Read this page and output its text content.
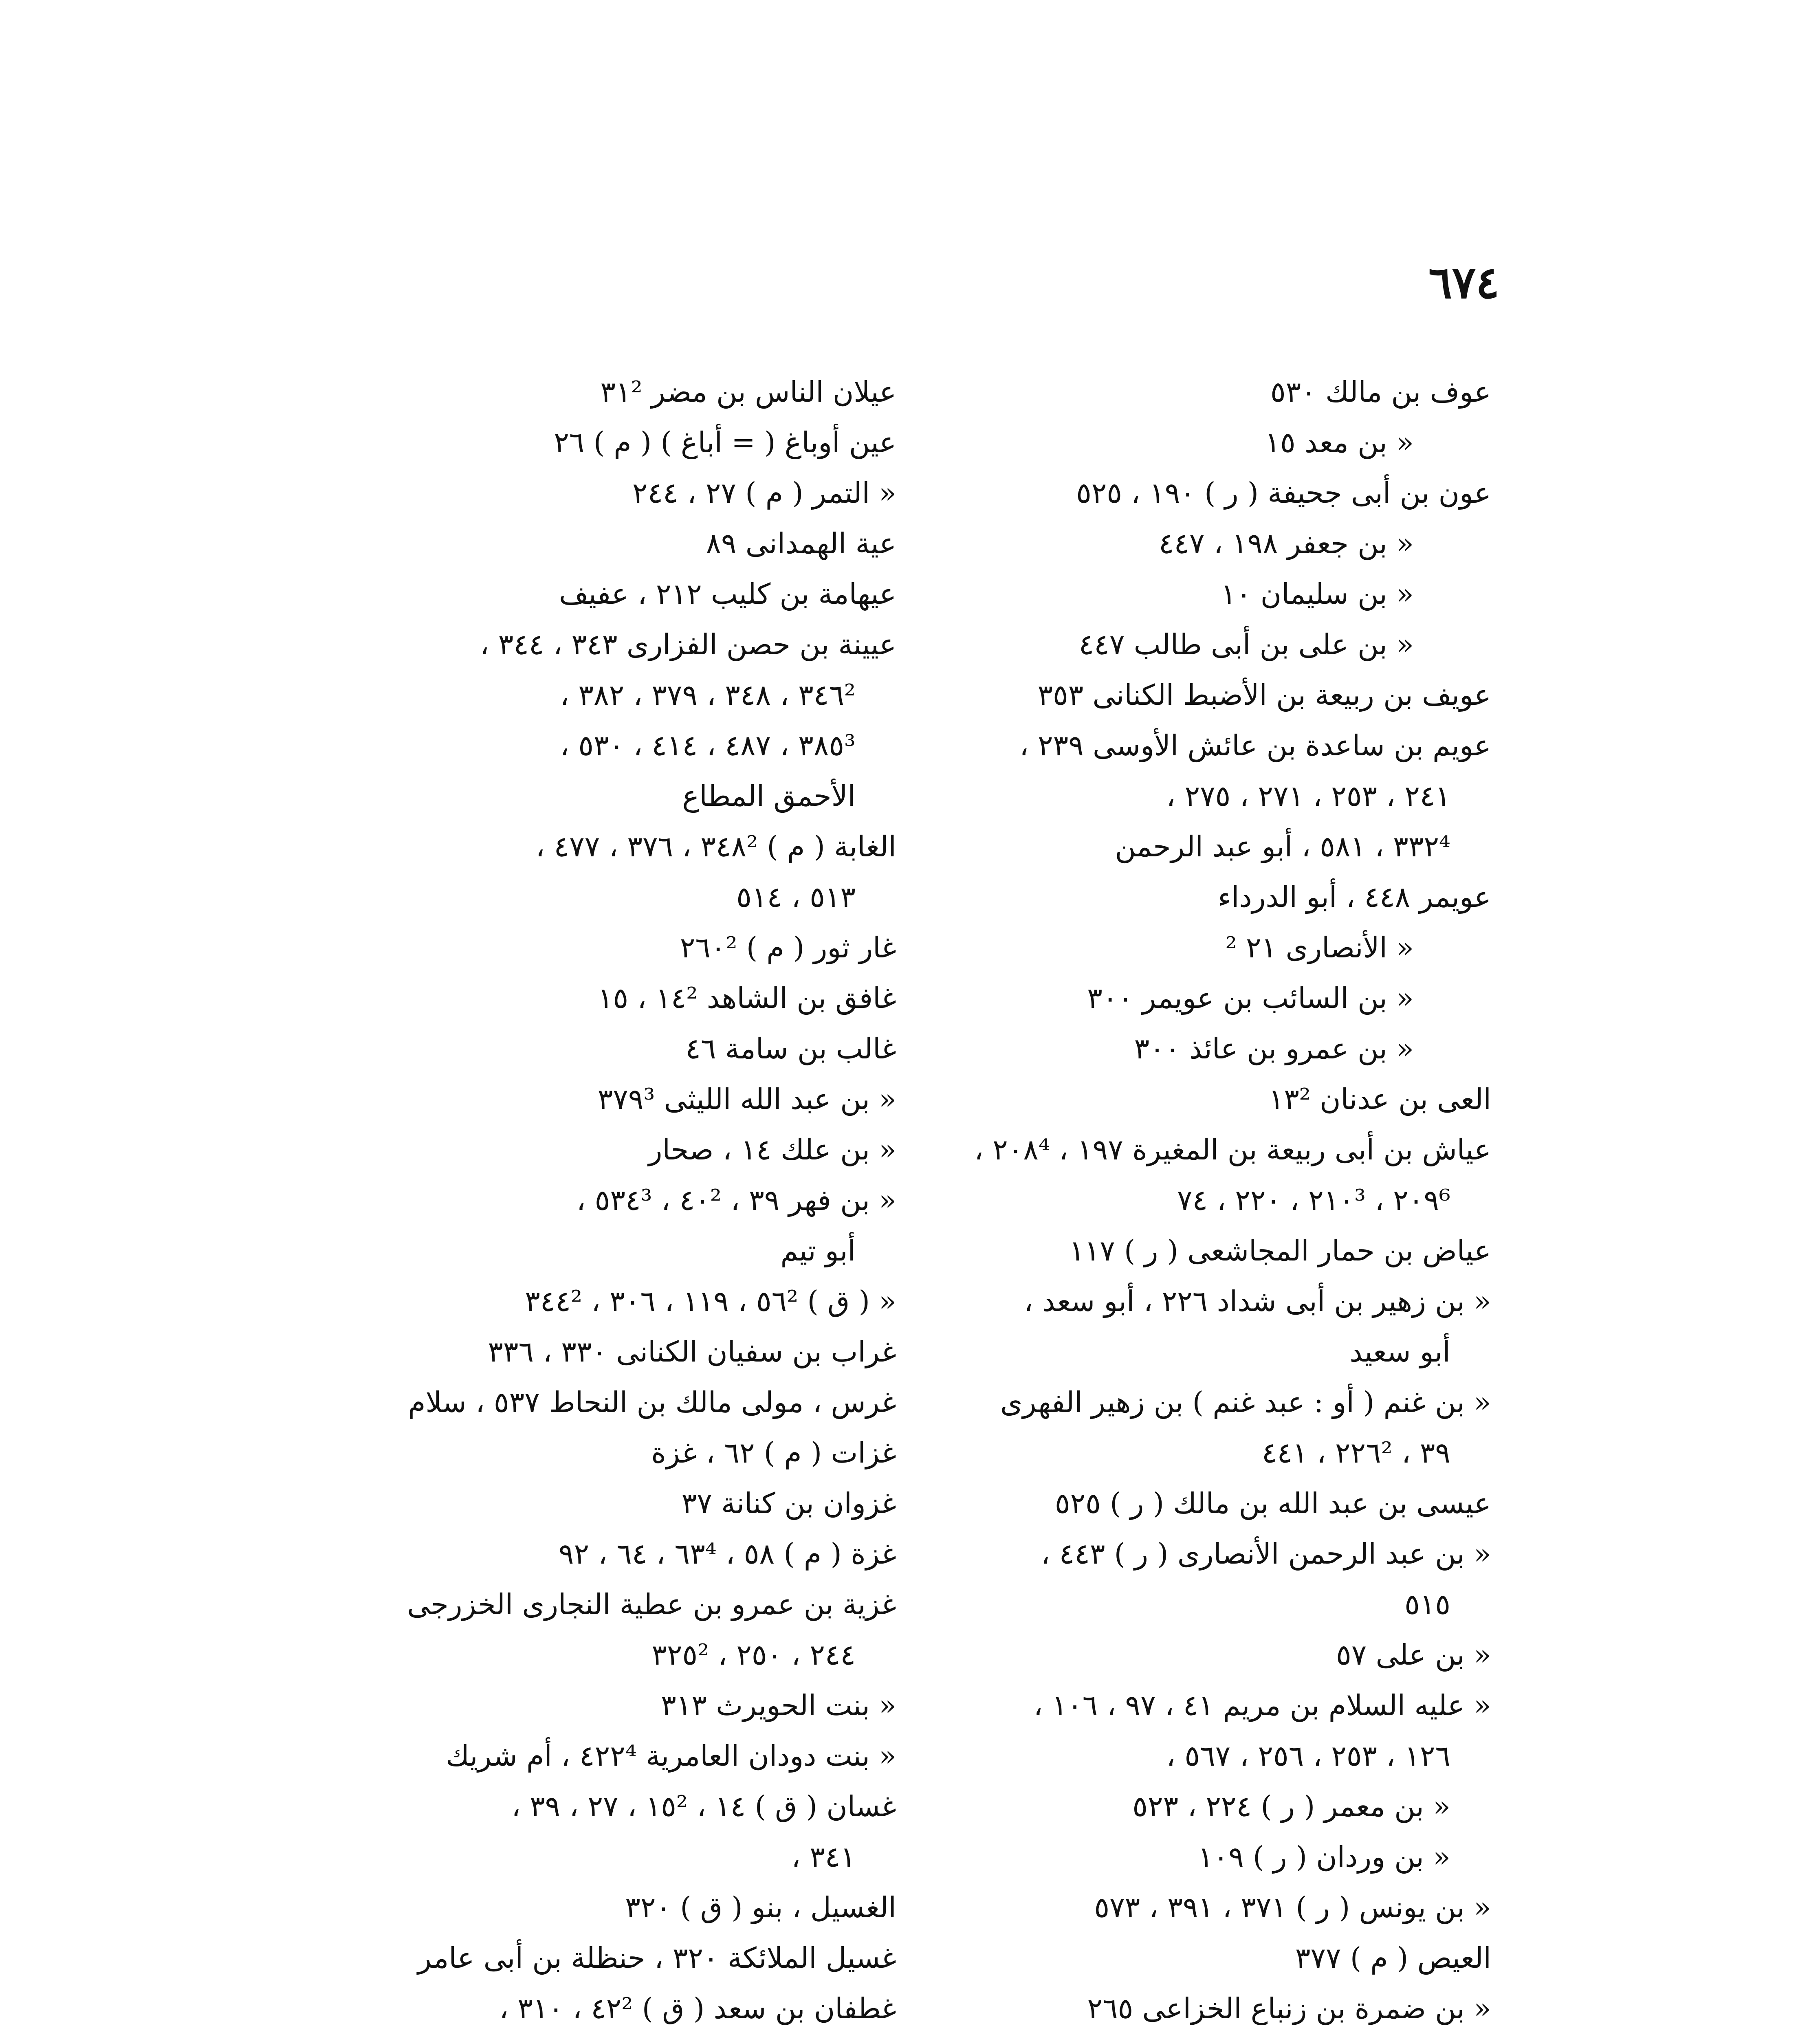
٦٧٤
عوف بن مالك ٥٣٠
« بن معد ١٥
عون بن أبى جحيفة ( ر ) ١٩٠ ، ٥٢٥
« بن جعفر ١٩٨ ، ٤٤٧
« بن سليمان ١٠
« بن على بن أبى طالب ٤٤٧
عويف بن ربيعة بن الأضبط الكنانى ٣٥٣
عويم بن ساعدة بن عائش الأوسى ٢٣٩ ،
٢٤١ ، ٢٥٣ ، ٢٧١ ، ٢٧٥ ،
٣٣٢⁴ ، ٥٨١ ، أبو عبد الرحمن
عويمر ٤٤٨ ، أبو الدرداء
« الأنصارى ٢١ ²
« بن السائب بن عويمر ٣٠٠
« بن عمرو بن عائذ ٣٠٠
العى بن عدنان ١٣²
عياش بن أبى ربيعة بن المغيرة ١٩٧ ، ٢٠٨⁴ ،
٢٠٩⁶ ، ٢١٠³ ، ٢٢٠ ، ٧٤
عياض بن حمار المجاشعى ( ر ) ١١٧
« بن زهير بن أبى شداد ٢٢٦ ، أبو سعد ،
أبو سعيد
« بن غنم ( أو : عبد غنم ) بن زهير الفهرى
٣٩ ، ٢٢٦² ، ٤٤١
عيسى بن عبد الله بن مالك ( ر ) ٥٢٥
« بن عبد الرحمن الأنصارى ( ر ) ٤٤٣ ،
٥١٥
« بن على ٥٧
« عليه السلام بن مريم ٤١ ، ٩٧ ، ١٠٦ ،
١٢٦ ، ٢٥٣ ، ٢٥٦ ، ٥٦٧ ،
« بن معمر ( ر ) ٢٢٤ ، ٥٢٣
« بن وردان ( ر ) ١٠٩
« بن يونس ( ر ) ٣٧١ ، ٣٩١ ، ٥٧٣
العيص ( م ) ٣٧٧
« بن ضمرة بن زنباع الخزاعى ٢٦٥
عيلان الناس بن مضر ٣١²
عين أوباغ ( = أباغ ) ( م ) ٢٦
« التمر ( م ) ٢٧ ، ٢٤٤
عية الهمدانى ٨٩
عيهامة بن كليب ٢١٢ ، عفيف
عيينة بن حصن الفزارى ٣٤٣ ، ٣٤٤ ،
٣٤٦² ، ٣٤٨ ، ٣٧٩ ، ٣٨٢ ،
٣٨٥³ ، ٤٨٧ ، ٤١٤ ، ٥٣٠ ،
الأحمق المطاع
الغابة ( م ) ٣٤٨² ، ٣٧٦ ، ٤٧٧ ،
٥١٣ ، ٥١٤
غار ثور ( م ) ٢٦٠²
غافق بن الشاهد ١٤² ، ١٥
غالب بن سامة ٤٦
« بن عبد الله الليثى ٣٧٩³
« بن علك ١٤ ، صحار
« بن فهر ٣٩ ، ٤٠² ، ٥٣٤³ ،
أبو تيم
« ( ق ) ٥٦² ، ١١٩ ، ٣٠٦ ، ٣٤٤²
غراب بن سفيان الكنانى ٣٣٠ ، ٣٣٦
غرس ، مولى مالك بن النحاط ٥٣٧ ، سلام
غزات ( م ) ٦٢ ، غزة
غزوان بن كنانة ٣٧
غزة ( م ) ٥٨ ، ٦٣⁴ ، ٦٤ ، ٩٢
غزية بن عمرو بن عطية النجارى الخزرجى
٢٤٤ ، ٢٥٠ ، ٣٢٥²
« بنت الحويرث ٣١٣
« بنت دودان العامرية ٤٢٢⁴ ، أم شريك
غسان ( ق ) ١٤ ، ١٥² ، ٢٧ ، ٣٩ ،
٣٤١ ،
الغسيل ، بنو ( ق ) ٣٢٠
غسيل الملائكة ٣٢٠ ، حنظلة بن أبى عامر
غطفان بن سعد ( ق ) ٤٢² ، ٣١٠ ،
